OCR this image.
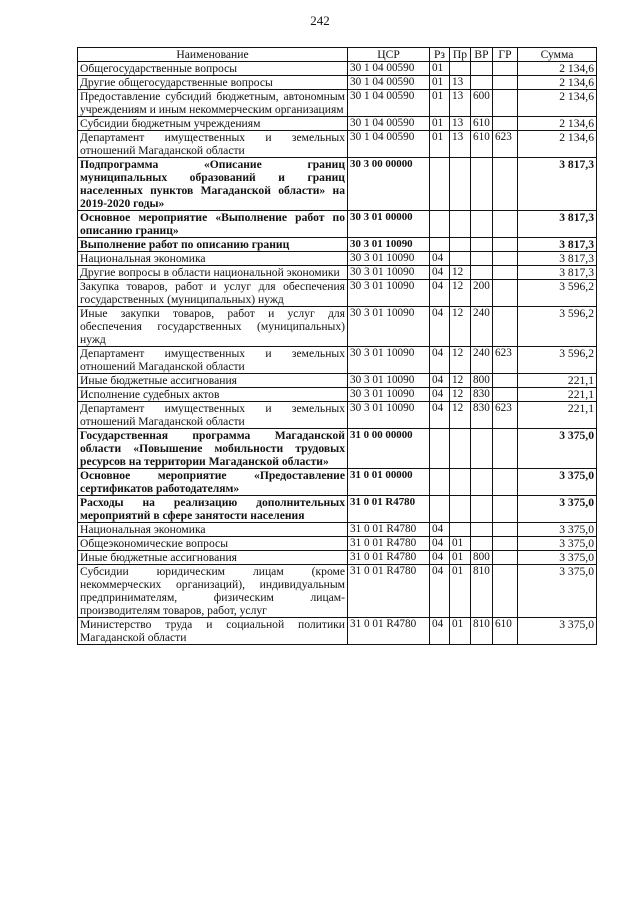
242
Наименование	ЦСР	Рз	Пр	ВР	ГР	Сумма
Общегосударственные вопросы	30 1 04 00590	01				2 134,6
Другие общегосударственные вопросы	30 1 04 00590	01	13			2 134,6
Предоставление субсидий бюджетным, автономным учреждениям и иным некоммерческим организациям	30 1 04 00590	01	13	600		2 134,6
Субсидии бюджетным учреждениям	30 1 04 00590	01	13	610		2 134,6
Департамент имущественных и земельных отношений Магаданской области	30 1 04 00590	01	13	610	623	2 134,6
Подпрограмма «Описание границ муниципальных образований и границ населенных пунктов Магаданской области» на 2019-2020 годы»	30 3 00 00000					3 817,3
Основное мероприятие «Выполнение работ по описанию границ»	30 3 01 00000					3 817,3
Выполнение работ по описанию границ	30 3 01 10090					3 817,3
Национальная экономика	30 3 01 10090	04				3 817,3
Другие вопросы в области национальной экономики	30 3 01 10090	04	12			3 817,3
Закупка товаров, работ и услуг для обеспечения государственных (муниципальных) нужд	30 3 01 10090	04	12	200		3 596,2
Иные закупки товаров, работ и услуг для обеспечения государственных (муниципальных) нужд	30 3 01 10090	04	12	240		3 596,2
Департамент имущественных и земельных отношений Магаданской области	30 3 01 10090	04	12	240	623	3 596,2
Иные бюджетные ассигнования	30 3 01 10090	04	12	800		221,1
Исполнение судебных актов	30 3 01 10090	04	12	830		221,1
Департамент имущественных и земельных отношений Магаданской области	30 3 01 10090	04	12	830	623	221,1
Государственная программа Магаданской области «Повышение мобильности трудовых ресурсов на территории Магаданской области»	31 0 00 00000					3 375,0
Основное мероприятие «Предоставление сертификатов работодателям»	31 0 01 00000					3 375,0
Расходы на реализацию дополнительных мероприятий в сфере занятости населения	31 0 01 R4780					3 375,0
Национальная экономика	31 0 01 R4780	04				3 375,0
Общеэкономические вопросы	31 0 01 R4780	04	01			3 375,0
Иные бюджетные ассигнования	31 0 01 R4780	04	01	800		3 375,0
Субсидии юридическим лицам (кроме некоммерческих организаций), индивидуальным предпринимателям, физическим лицам-производителям товаров, работ, услуг	31 0 01 R4780	04	01	810		3 375,0
Министерство труда и социальной политики Магаданской области	31 0 01 R4780	04	01	810	610	3 375,0
